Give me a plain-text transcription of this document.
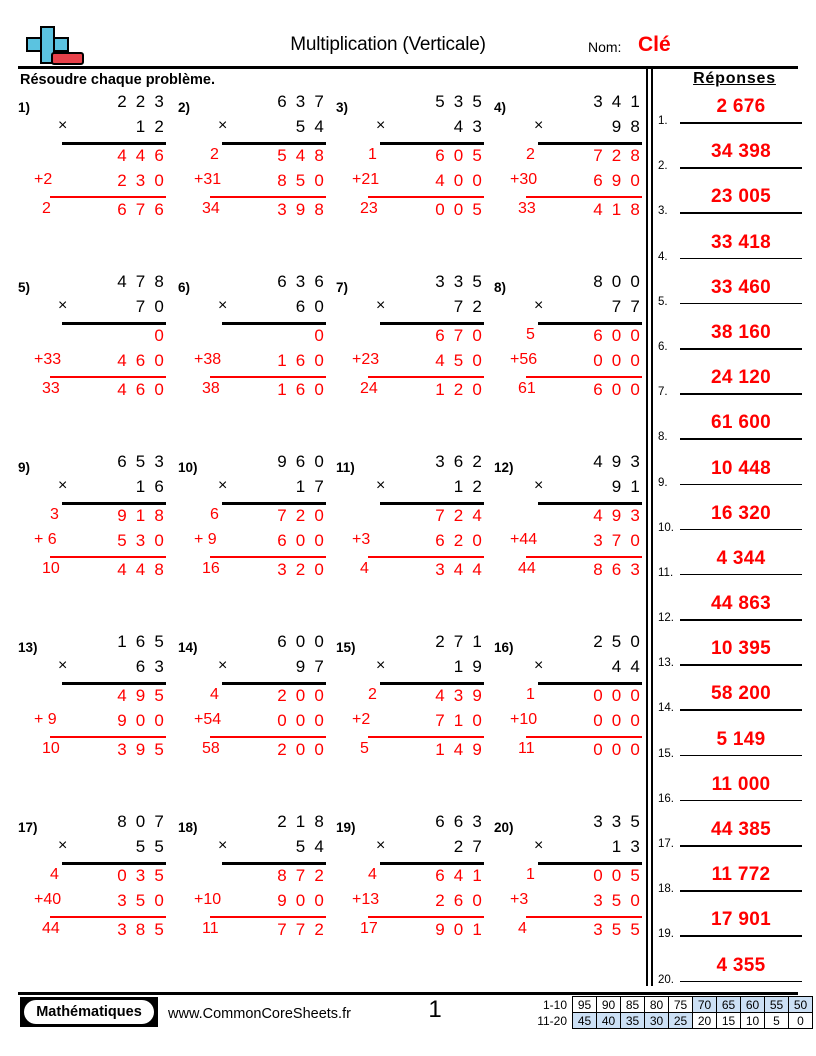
Multiplication (Verticale)	Nom: Clé
Résoudre chaque problème.	Réponses
1)	2 2 3
×	1 2
4 4 6
+2	2 3 0
2	6 7 6
2)	6 3 7
×	5 4
2	5 4 8
+31	8 5 0
34	3 9 8
3)	5 3 5
×	4 3
1	6 0 5
+21	4 0 0
23	0 0 5
4)	3 4 1
×	9 8
2	7 2 8
+30	6 9 0
33	4 1 8
5)	4 7 8
×	7 0
0
+33	4 6 0
33	4 6 0
6)	6 3 6
×	6 0
0
+38	1 6 0
38	1 6 0
7)	3 3 5
×	7 2
6 7 0
+23	4 5 0
24	1 2 0
8)	8 0 0
×	7 7
5	6 0 0
+56	0 0 0
61	6 0 0
9)	6 5 3
×	1 6
3	9 1 8
+ 6	5 3 0
10	4 4 8
10)	9 6 0
×	1 7
6	7 2 0
+ 9	6 0 0
16	3 2 0
11)	3 6 2
×	1 2
7 2 4
+3	6 2 0
4	3 4 4
12)	4 9 3
×	9 1
4 9 3
+44	3 7 0
44	8 6 3
13)	1 6 5
×	6 3
4 9 5
+ 9	9 0 0
10	3 9 5
14)	6 0 0
×	9 7
4	2 0 0
+54	0 0 0
58	2 0 0
15)	2 7 1
×	1 9
2	4 3 9
+2	7 1 0
5	1 4 9
16)	2 5 0
×	4 4
1	0 0 0
+10	0 0 0
11	0 0 0
17)	8 0 7
×	5 5
4	0 3 5
+40	3 5 0
44	3 8 5
18)	2 1 8
×	5 4
8 7 2
+10	9 0 0
11	7 7 2
19)	6 6 3
×	2 7
4	6 4 1
+13	2 6 0
17	9 0 1
20)	3 3 5
×	1 3
1	0 0 5
+3	3 5 0
4	3 5 5
1.
2 676
2.
34 398
3.
23 005
4.
33 418
5.
33 460
6.
38 160
7.
24 120
8.
61 600
9.
10 448
10.
16 320
11.
4 344
12.
44 863
13.
10 395
14.
58 200
15.
5 149
16.
11 000
17.
44 385
18.
11 772
19.
17 901
20.
4 355
Mathématiques	www.CommonCoreSheets.fr	1	1-10	95	90	85	80	75	70	65	60	55	50
11-20	45	40	35	30	25	20	15	10	5	0
